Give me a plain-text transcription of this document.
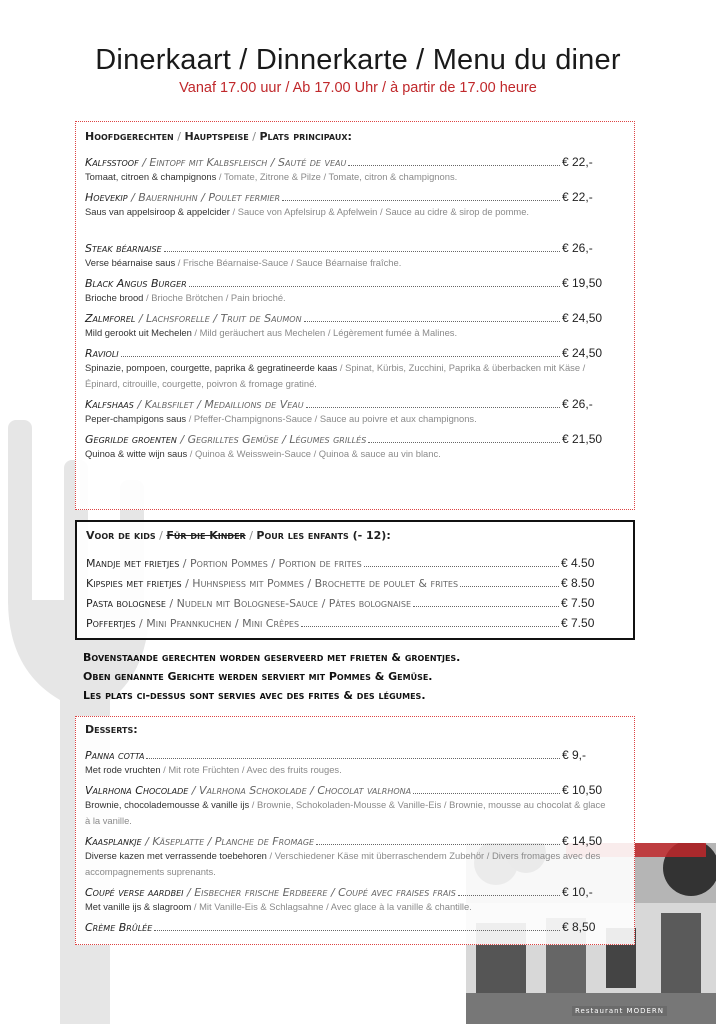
Dinerkaart / Dinnerkarte / Menu du diner
Vanaf 17.00 uur / Ab 17.00 Uhr / à partir de 17.00 heure
Hoofdgerechten / Hauptspeise / Plats principaux:
Kalfsstoof / Eintopf mit Kalbsfleisch / Sauté de veau	€ 22,-
Tomaat, citroen & champignons / Tomate, Zitrone & Pilze / Tomate, citron & champignons.
Hoevekip / Bauernhuhn / Poulet fermier	€ 22,-
Saus van appelsiroop & appelcider / Sauce von Apfelsirup & Apfelwein / Sauce au cidre & sirop de pomme.
Steak béarnaise	€ 26,-
Verse béarnaise saus / Frische Béarnaise-Sauce / Sauce Béarnaise fraîche.
Black Angus Burger	€ 19,50
Brioche brood / Brioche Brötchen / Pain brioché.
Zalmforel / Lachsforelle / Truit de Saumon	€ 24,50
Mild gerookt uit Mechelen / Mild geräuchert aus Mechelen / Légèrement fumée à Malines.
Ravioli	€ 24,50
Spinazie, pompoen, courgette, paprika & gegratineerde kaas / Spinat, Kürbis, Zucchini, Paprika & überbacken mit Käse / Épinard, citrouille, courgette, poivron & fromage gratiné.
Kalfshaas / Kalbsfilet / Medaillions de Veau	€ 26,-
Peper-champigons saus / Pfeffer-Champignons-Sauce / Sauce au poivre et aux champignons.
Gegrilde groenten / Gegrilltes Gemüse / Légumes grillés	€ 21,50
Quinoa & witte wijn saus / Quinoa & Weisswein-Sauce / Quinoa & sauce au vin blanc.
Voor de kids / Für die Kinder / Pour les enfants (- 12):
Mandje met frietjes / Portion Pommes / Portion de frites	€ 4.50
Kipspies met frietjes / Huhnspiess mit Pommes / Brochette de poulet & frites	€ 8.50
Pasta bolognese / Nudeln mit Bolognese-Sauce / Pâtes bolognaise	€ 7.50
Poffertjes / Mini Pfannkuchen / Mini Crêpes	€ 7.50
Bovenstaande gerechten worden geserveerd met frieten & groentjes.
Oben genannte Gerichte werden serviert mit Pommes & Gemüse.
Les plats ci-dessus sont servies avec des frites & des légumes.
Restaurant MODERN
Desserts:
Panna cotta	€ 9,-
Met rode vruchten / Mit rote Früchten / Avec des fruits rouges.
Valrhona Chocolade / Valrhona Schokolade / Chocolat valrhona	€ 10,50
Brownie, chocolademousse & vanille ijs / Brownie, Schokoladen-Mousse & Vanille-Eis / Brownie, mousse au chocolat & glace à la vanille.
Kaasplankje / Käseplatte / Planche de Fromage	€ 14,50
Diverse kazen met verrassende toebehoren / Verschiedener Käse mit überraschendem Zubehör / Divers fromages avec des accompagnements suprenants.
Coupé verse aardbei / Eisbecher frische Erdbeere / Coupé avec fraises frais	€ 10,-
Met vanille ijs & slagroom / Mit Vanille-Eis & Schlagsahne / Avec glace à la vanille & chantille.
Crème Brûlée	€ 8,50
